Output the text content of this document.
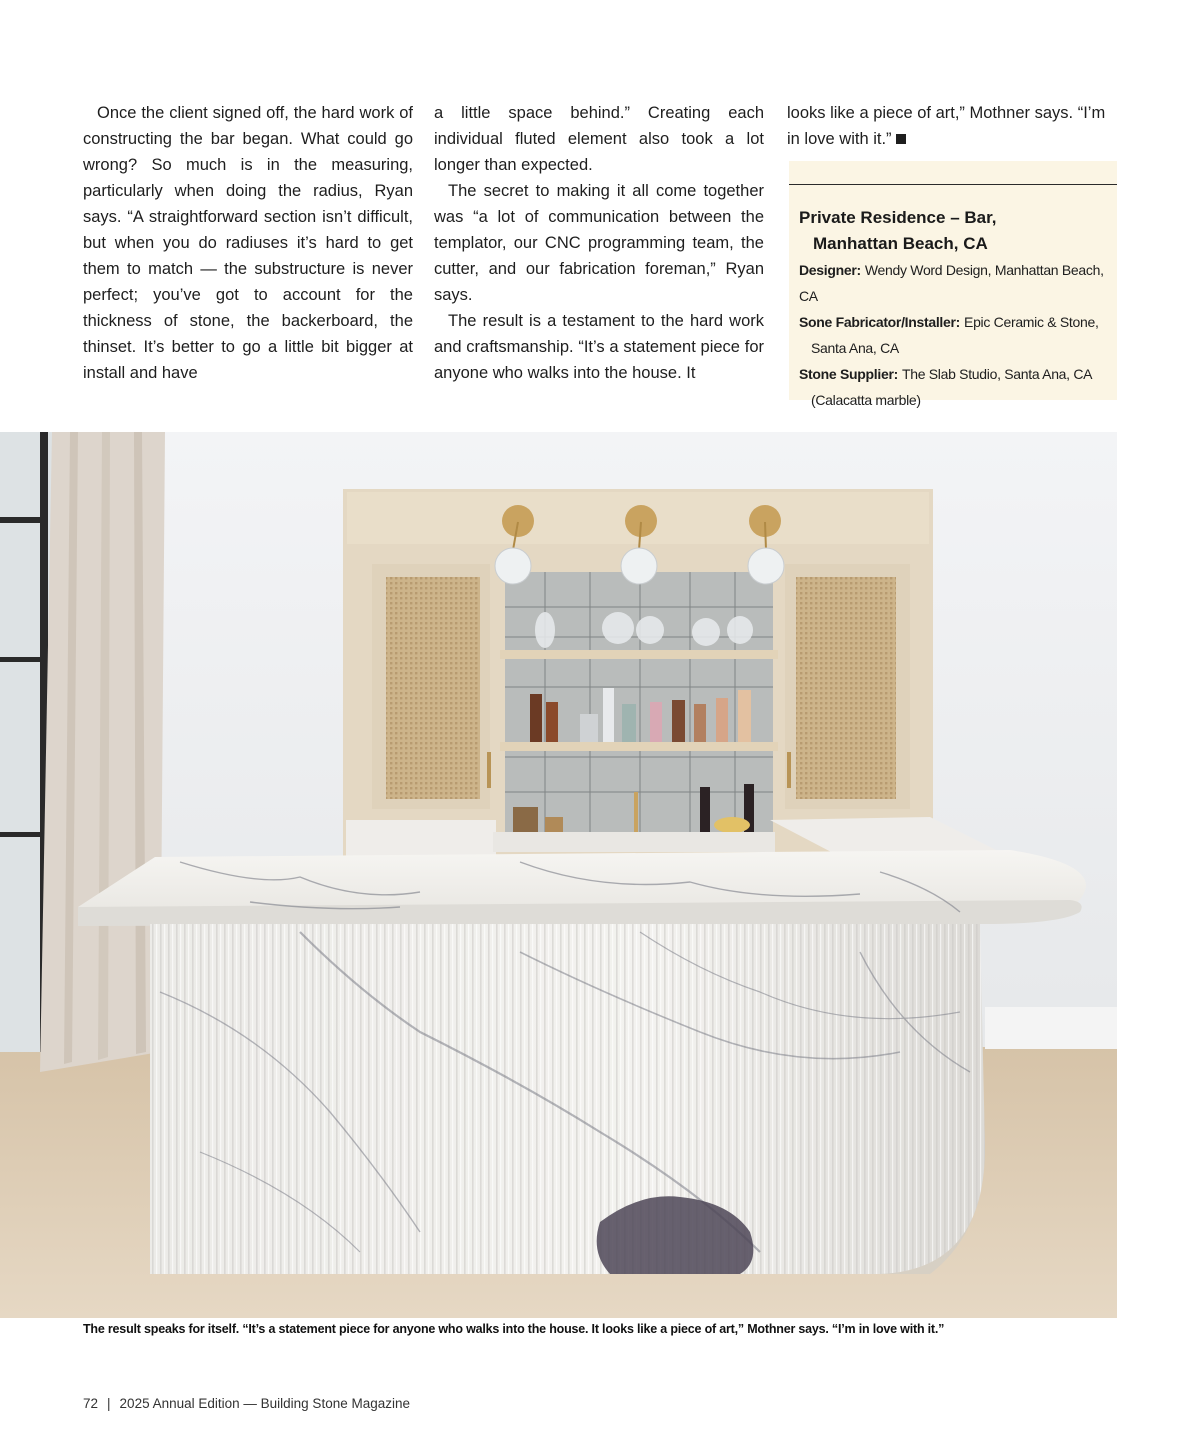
Once the client signed off, the hard work of constructing the bar began. What could go wrong? So much is in the measuring, particularly when doing the radius, Ryan says. “A straightforward section isn’t difficult, but when you do radiuses it’s hard to get them to match — the substructure is never perfect; you’ve got to account for the thickness of stone, the backerboard, the thinset. It’s better to go a little bit bigger at install and have

a little space behind.” Creating each individual fluted element also took a lot longer than expected.

The secret to making it all come together was “a lot of communication between the templator, our CNC programming team, the cutter, and our fabrication foreman,” Ryan says.

The result is a testament to the hard work and craftsmanship. “It’s a statement piece for anyone who walks into the house. It

looks like a piece of art,” Mothner says. “I’m in love with it.”

Private Residence – Bar,
Manhattan Beach, CA
Designer: Wendy Word Design, Manhattan Beach, CA
Sone Fabricator/Installer: Epic Ceramic & Stone,
Santa Ana, CA
Stone Supplier: The Slab Studio, Santa Ana, CA
(Calacatta marble)
The result speaks for itself. “It’s a statement piece for anyone who walks into the house. It looks like a piece of art,” Mothner says. “I’m in love with it.”
72 | 2025 Annual Edition — Building Stone Magazine
